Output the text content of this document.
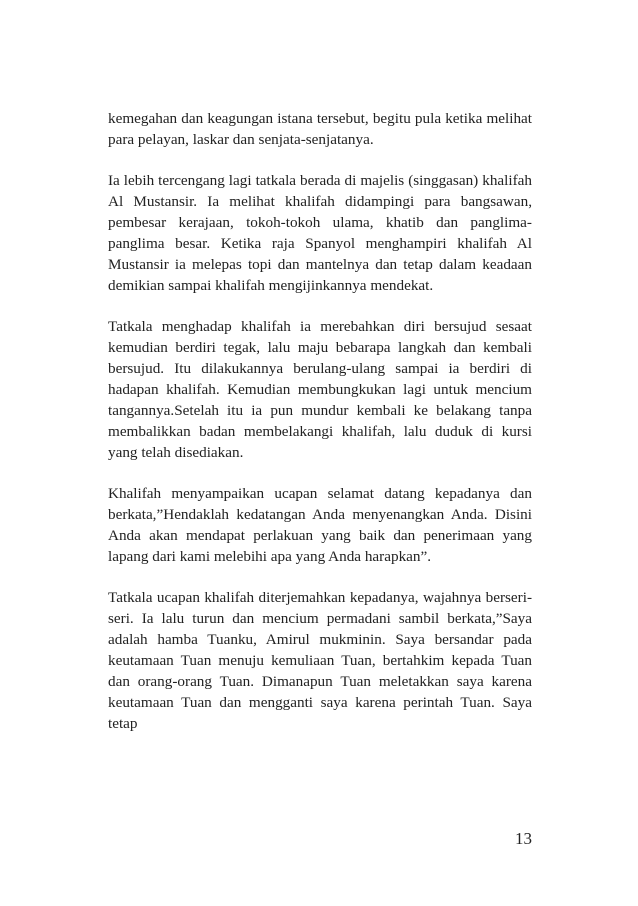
kemegahan dan keagungan istana tersebut, begitu pula ketika melihat para pelayan, laskar dan senjata-senjatanya.

Ia lebih tercengang lagi tatkala berada di majelis (singgasan) khalifah Al Mustansir. Ia melihat khalifah didampingi para bangsawan, pembesar kerajaan, tokoh-tokoh ulama, khatib dan panglima-panglima besar. Ketika raja Spanyol menghampiri khalifah Al Mustansir ia melepas topi dan mantelnya dan tetap dalam keadaan demikian sampai khalifah mengijinkannya mendekat.

Tatkala menghadap khalifah ia merebahkan diri bersujud sesaat kemudian berdiri tegak, lalu maju bebarapa langkah dan kembali bersujud. Itu dilakukannya berulang-ulang sampai ia berdiri di hadapan khalifah. Kemudian membungkukan lagi untuk mencium tangannya.Setelah itu ia pun mundur kembali ke belakang tanpa membalikkan badan membelakangi khalifah, lalu duduk di kursi yang telah disediakan.

Khalifah menyampaikan ucapan selamat datang kepadanya dan berkata,”Hendaklah kedatangan Anda menyenangkan Anda. Disini Anda akan mendapat perlakuan yang baik dan penerimaan yang lapang dari kami melebihi apa yang Anda harapkan”.

Tatkala ucapan khalifah diterjemahkan kepadanya, wajahnya berseri-seri. Ia lalu turun dan mencium permadani sambil berkata,”Saya adalah hamba Tuanku, Amirul mukminin. Saya bersandar pada keutamaan Tuan menuju kemuliaan Tuan, bertahkim kepada Tuan dan orang-orang Tuan. Dimanapun Tuan meletakkan saya karena keutamaan Tuan dan mengganti saya karena perintah Tuan. Saya tetap

13
